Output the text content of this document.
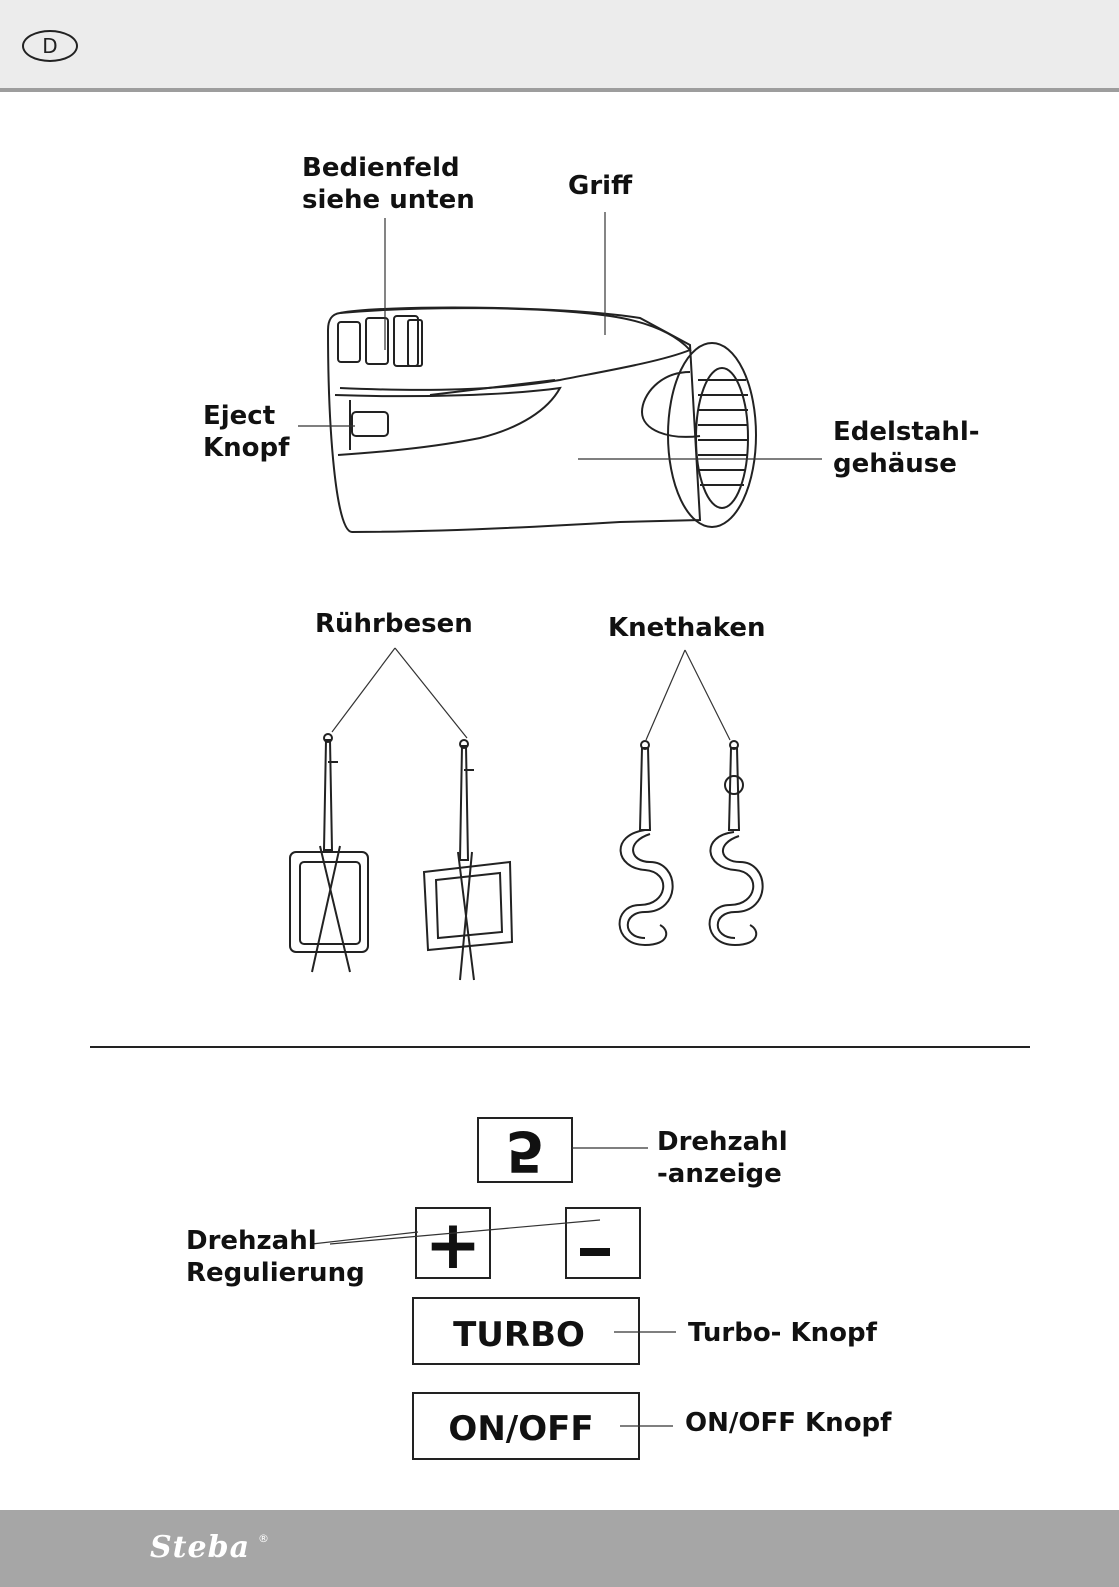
D
Bedienfeld
siehe unten	Griff
Eject
Knopf
Edelstahl-
gehäuse
Rührbesen	Knethaken
5	Drehzahl
-anzeige
+
Drehzahl
Regulierung
TURBO	Turbo- Knopf
ON/OFF	ON/OFF Knopf
Steba ®
